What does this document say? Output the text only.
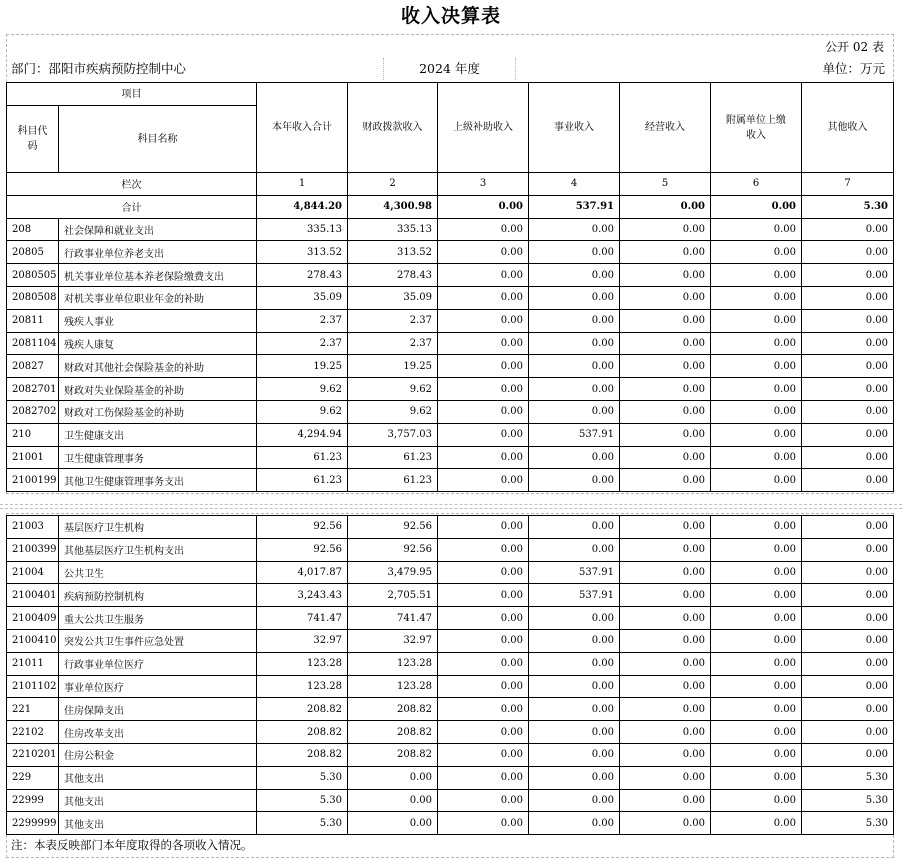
收入决算表
公开 02 表
部门：邵阳市疾病预防控制中心	2024 年度	单位：万元
项目		本年收入合计	财政拨款收入	上级补助收入	事业收入	经营收入	附属单位上缴收入	其他收入
科目代码	科目名称							
栏次		1	2	3	4	5	6	7
合计		4,844.20	4,300.98	0.00	537.91	0.00	0.00	5.30
208	社会保障和就业支出	335.13	335.13	0.00	0.00	0.00	0.00	0.00
20805	行政事业单位养老支出	313.52	313.52	0.00	0.00	0.00	0.00	0.00
2080505	机关事业单位基本养老保险缴费支出	278.43	278.43	0.00	0.00	0.00	0.00	0.00
2080508	对机关事业单位职业年金的补助	35.09	35.09	0.00	0.00	0.00	0.00	0.00
20811	残疾人事业	2.37	2.37	0.00	0.00	0.00	0.00	0.00
2081104	残疾人康复	2.37	2.37	0.00	0.00	0.00	0.00	0.00
20827	财政对其他社会保险基金的补助	19.25	19.25	0.00	0.00	0.00	0.00	0.00
2082701	财政对失业保险基金的补助	9.62	9.62	0.00	0.00	0.00	0.00	0.00
2082702	财政对工伤保险基金的补助	9.62	9.62	0.00	0.00	0.00	0.00	0.00
210	卫生健康支出	4,294.94	3,757.03	0.00	537.91	0.00	0.00	0.00
21001	卫生健康管理事务	61.23	61.23	0.00	0.00	0.00	0.00	0.00
2100199	其他卫生健康管理事务支出	61.23	61.23	0.00	0.00	0.00	0.00	0.00
21003	基层医疗卫生机构	92.56	92.56	0.00	0.00	0.00	0.00	0.00
2100399	其他基层医疗卫生机构支出	92.56	92.56	0.00	0.00	0.00	0.00	0.00
21004	公共卫生	4,017.87	3,479.95	0.00	537.91	0.00	0.00	0.00
2100401	疾病预防控制机构	3,243.43	2,705.51	0.00	537.91	0.00	0.00	0.00
2100409	重大公共卫生服务	741.47	741.47	0.00	0.00	0.00	0.00	0.00
2100410	突发公共卫生事件应急处置	32.97	32.97	0.00	0.00	0.00	0.00	0.00
21011	行政事业单位医疗	123.28	123.28	0.00	0.00	0.00	0.00	0.00
2101102	事业单位医疗	123.28	123.28	0.00	0.00	0.00	0.00	0.00
221	住房保障支出	208.82	208.82	0.00	0.00	0.00	0.00	0.00
22102	住房改革支出	208.82	208.82	0.00	0.00	0.00	0.00	0.00
2210201	住房公积金	208.82	208.82	0.00	0.00	0.00	0.00	0.00
229	其他支出	5.30	0.00	0.00	0.00	0.00	0.00	5.30
22999	其他支出	5.30	0.00	0.00	0.00	0.00	0.00	5.30
2299999	其他支出	5.30	0.00	0.00	0.00	0.00	0.00	5.30
注：本表反映部门本年度取得的各项收入情况。
